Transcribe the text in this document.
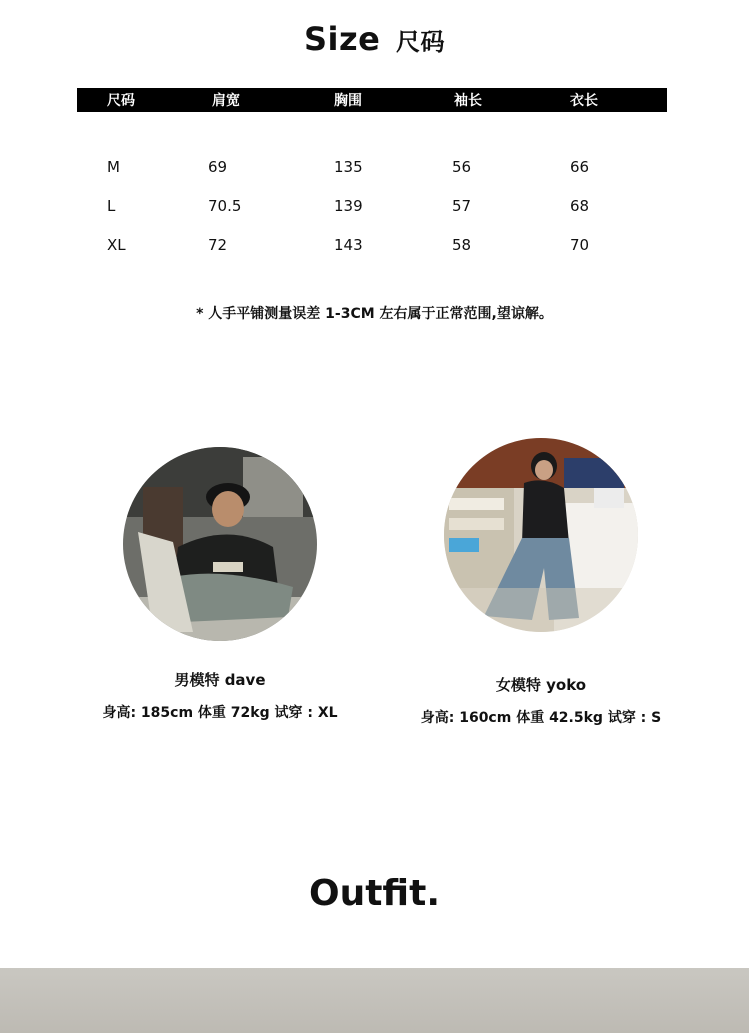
Size 尺码
尺码	肩宽	胸围	袖长	衣长
M	69	135	56	66
L	70.5	139	57	68
XL	72	143	58	70
* 人手平铺测量误差 1-3CM 左右属于正常范围,望谅解。
男模特 dave
身高: 185cm 体重 72kg 试穿 : XL
女模特 yoko
身高: 160cm 体重 42.5kg 试穿 : S
Outfit.
